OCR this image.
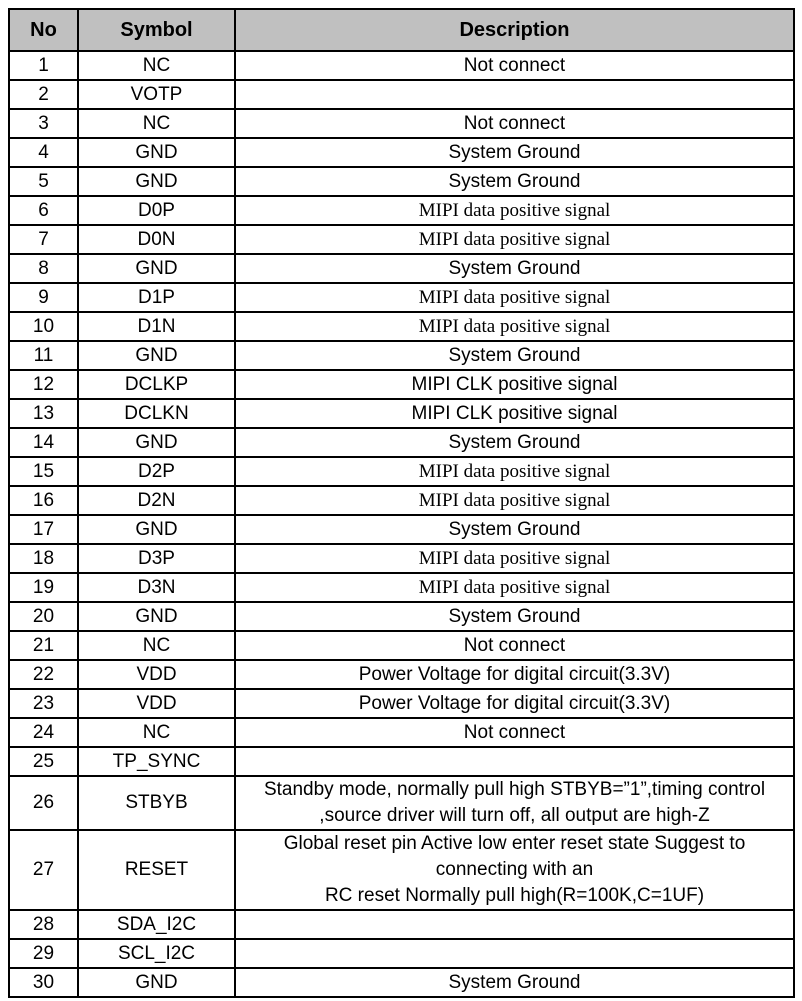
No	Symbol	Description
1	NC	Not connect
2	VOTP	
3	NC	Not connect
4	GND	System Ground
5	GND	System Ground
6	D0P	MIPI data positive signal
7	D0N	MIPI data positive signal
8	GND	System Ground
9	D1P	MIPI data positive signal
10	D1N	MIPI data positive signal
11	GND	System Ground
12	DCLKP	MIPI CLK positive signal
13	DCLKN	MIPI CLK positive signal
14	GND	System Ground
15	D2P	MIPI data positive signal
16	D2N	MIPI data positive signal
17	GND	System Ground
18	D3P	MIPI data positive signal
19	D3N	MIPI data positive signal
20	GND	System Ground
21	NC	Not connect
22	VDD	Power Voltage for digital circuit(3.3V)
23	VDD	Power Voltage for digital circuit(3.3V)
24	NC	Not connect
25	TP_SYNC	
26	STBYB	Standby mode, normally pull high STBYB=”1”,timing control ,source driver will turn off, all output are high-Z
27	RESET	Global reset pin Active low enter reset state Suggest to connecting with an
RC reset Normally pull high(R=100K,C=1UF)
28	SDA_I2C	
29	SCL_I2C	
30	GND	System Ground
